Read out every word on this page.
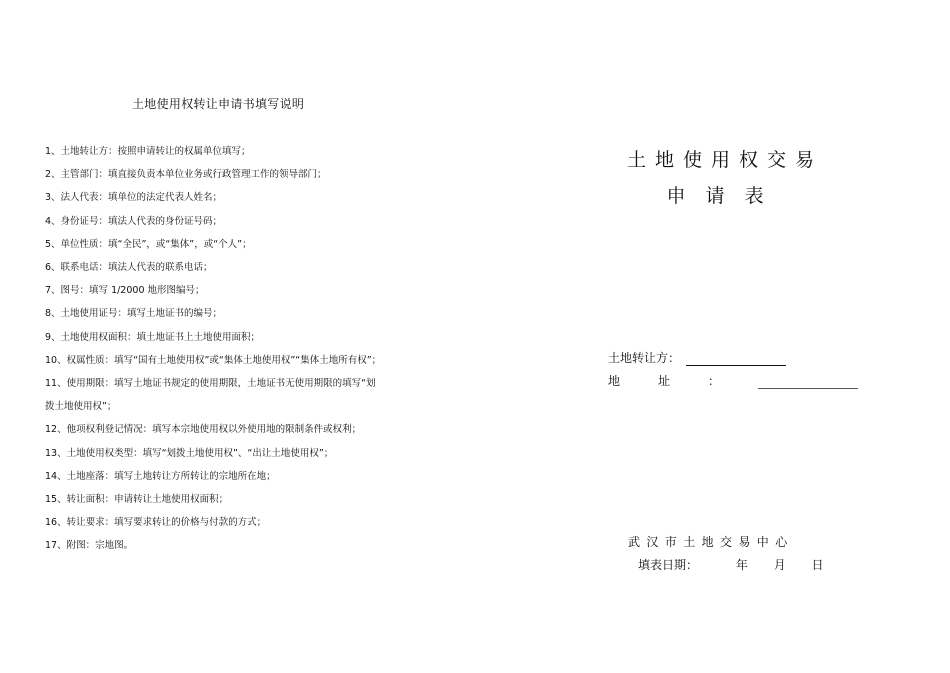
土地使用权转让申请书填写说明
1、土地转让方：按照申请转让的权属单位填写；
2、主管部门：填直接负责本单位业务或行政管理工作的领导部门；
3、法人代表：填单位的法定代表人姓名；
4、身份证号：填法人代表的身份证号码；
5、单位性质：填“全民”，或“集体”，或“个人”；
6、联系电话：填法人代表的联系电话；
7、图号：填写 1/2000 地形图编号；
8、土地使用证号：填写土地证书的编号；
9、土地使用权面积：填土地证书上土地使用面积；
10、权属性质：填写“国有土地使用权”或“集体土地使用权”“集体土地所有权”；
11、使用期限：填写土地证书规定的使用期限，土地证书无使用期限的填写“划
拨土地使用权”；
12、他项权利登记情况：填写本宗地使用权以外使用地的限制条件或权利；
13、土地使用权类型：填写“划拨土地使用权”、“出让土地使用权”；
14、土地座落：填写土地转让方所转让的宗地所在地；
15、转让面积：申请转让土地使用权面积；
16、转让要求：填写要求转让的价格与付款的方式；
17、附图：宗地图。
土地使用权交易
申请表
土地转让方：
地址：
武汉市土地交易中心
填表日期：	年 月 日
